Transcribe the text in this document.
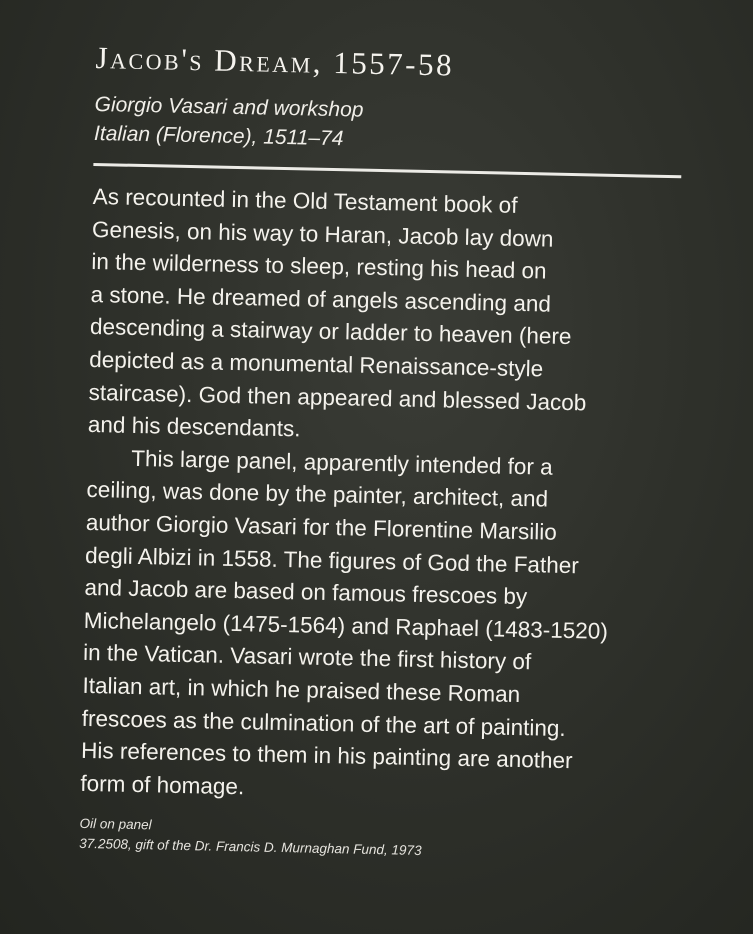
Jacob's Dream, 1557-58
Giorgio Vasari and workshop
Italian (Florence), 1511–74
As recounted in the Old Testament book of
Genesis, on his way to Haran, Jacob lay down
in the wilderness to sleep, resting his head on
a stone. He dreamed of angels ascending and
descending a stairway or ladder to heaven (here
depicted as a monumental Renaissance-style
staircase). God then appeared and blessed Jacob
and his descendants.
This large panel, apparently intended for a
ceiling, was done by the painter, architect, and
author Giorgio Vasari for the Florentine Marsilio
degli Albizi in 1558. The figures of God the Father
and Jacob are based on famous frescoes by
Michelangelo (1475-1564) and Raphael (1483-1520)
in the Vatican. Vasari wrote the first history of
Italian art, in which he praised these Roman
frescoes as the culmination of the art of painting.
His references to them in his painting are another
form of homage.
Oil on panel
37.2508, gift of the Dr. Francis D. Murnaghan Fund, 1973
